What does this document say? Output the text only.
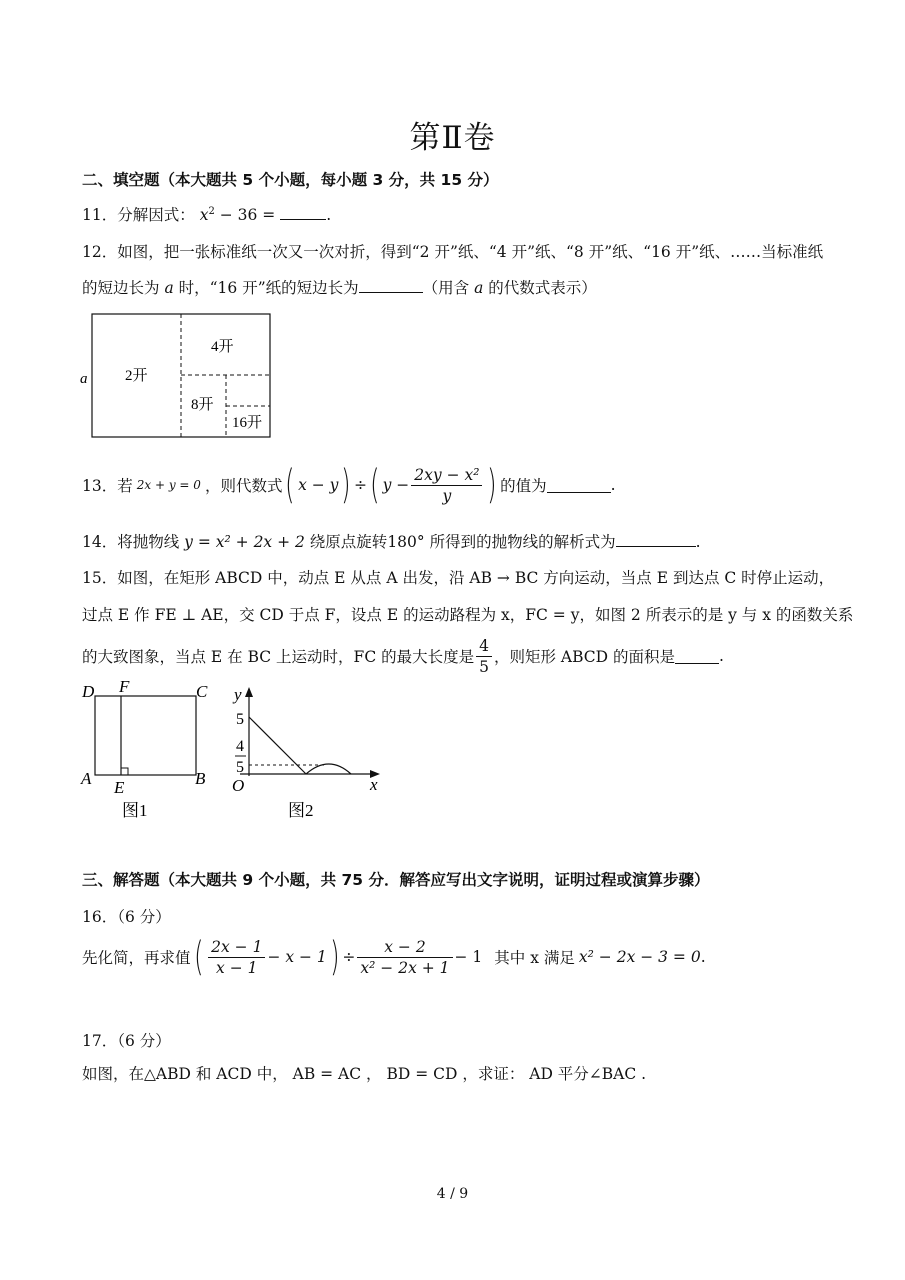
第Ⅱ卷
二、填空题（本大题共 5 个小题，每小题 3 分，共 15 分）
11．分解因式： $x^2 - 36$ =	.
12．如图，把一张标准纸一次又一次对折，得到“2 开”纸、“4 开”纸、“8 开”纸、“16 开”纸、……当标准纸
的短边长为 a 时，“16 开”纸的短边长为	（用含 a 的代数式表示）
a	2开
4开
8开
16开
13． 若 2x + y = 0 ，则代数式 ( x − y ) ÷ ( $y - \frac{\text{2xy − x²}}{y}$ ) 的值为	.
14．将抛物线 y = x² + 2x + 2 绕原点旋转180° 所得到的抛物线的解析式为	.
15．如图，在矩形 ABCD 中，动点 E 从点 A 出发，沿 AB → BC 方向运动，当点 E 到达点 C 时停止运动，
过点 E 作 FE ⊥ AE，交 CD 于点 F，设点 E 的运动路程为 x，FC = y，如图 2 所表示的是 y 与 x 的函数关系
的大致图象，当点 E 在 BC 上运动时，FC 的最大长度是 $\frac{4}{5}$ ，则矩形 ABCD 的面积是	.
D F	C
A E	B
图1
y
5
4
5
O	x
图2
三、解答题（本大题共 9 个小题，共 75 分．解答应写出文字说明，证明过程或演算步骤）
16．（6 分）
先化简，再求值 ( $\frac{2x - 1}{x - 1} - x - 1$ ) ÷ $\frac{x - 2}{\text{x² − 2x + 1}} - 1$ 其中 x 满足 x² − 2x − 3 = 0 .
17．（6 分）
如图，在△ABD 和 ACD 中， AB = AC ， BD = CD ，求证： AD 平分∠BAC .
4 / 9
